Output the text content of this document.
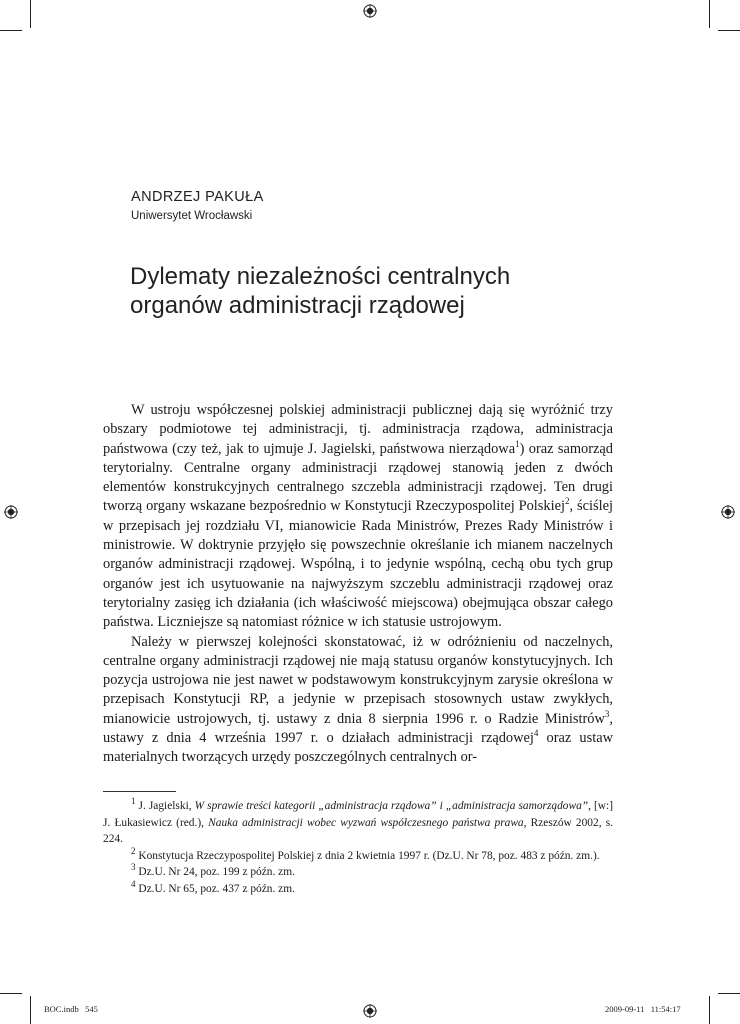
ANDRZEJ PAKUŁA
Uniwersytet Wrocławski
Dylematy niezależności centralnych organów administracji rządowej

W ustroju współczesnej polskiej administracji publicznej dają się wyróżnić trzy obszary podmiotowe tej administracji, tj. administracja rządowa, administracja państwowa (czy też, jak to ujmuje J. Jagielski, państwowa nierządowa$^1$) oraz samorząd terytorialny. Centralne organy administracji rządowej stanowią jeden z dwóch elementów konstrukcyjnych centralnego szczebla administracji rządowej. Ten drugi tworzą organy wskazane bezpośrednio w Konstytucji Rzeczypospolitej Polskiej$^2$, ściślej w przepisach jej rozdziału VI, mianowicie Rada Ministrów, Prezes Rady Ministrów i ministrowie. W doktrynie przyjęło się powszechnie określanie ich mianem naczelnych organów administracji rządowej. Wspólną, i to jedynie wspólną, cechą obu tych grup organów jest ich usytuowanie na najwyższym szczeblu administracji rządowej oraz terytorialny zasięg ich działania (ich właściwość miejscowa) obejmująca obszar całego państwa. Liczniejsze są natomiast różnice w ich statusie ustrojowym.

Należy w pierwszej kolejności skonstatować, iż w odróżnieniu od naczelnych, centralne organy administracji rządowej nie mają statusu organów konstytucyjnych. Ich pozycja ustrojowa nie jest nawet w podstawowym konstrukcyjnym zarysie określona w przepisach Konstytucji RP, a jedynie w przepisach stosownych ustaw zwykłych, mianowicie ustrojowych, tj. ustawy z dnia 8 sierpnia 1996 r. o Radzie Ministrów$^3$, ustawy z dnia 4 września 1997 r. o działach administracji rządowej$^4$ oraz ustaw materialnych tworzących urzędy poszczególnych centralnych or-

$^1$ J. Jagielski, W sprawie treści kategorii „administracja rządowa” i „administracja samorządowa”, [w:] J. Łukasiewicz (red.), Nauka administracji wobec wyzwań współczesnego państwa prawa, Rzeszów 2002, s. 224.

$^2$ Konstytucja Rzeczypospolitej Polskiej z dnia 2 kwietnia 1997 r. (Dz.U. Nr 78, poz. 483 z późn. zm.).

$^3$ Dz.U. Nr 24, poz. 199 z późn. zm.

$^4$ Dz.U. Nr 65, poz. 437 z późn. zm.

BOC.indb   545	2009-09-11   11:54:17
